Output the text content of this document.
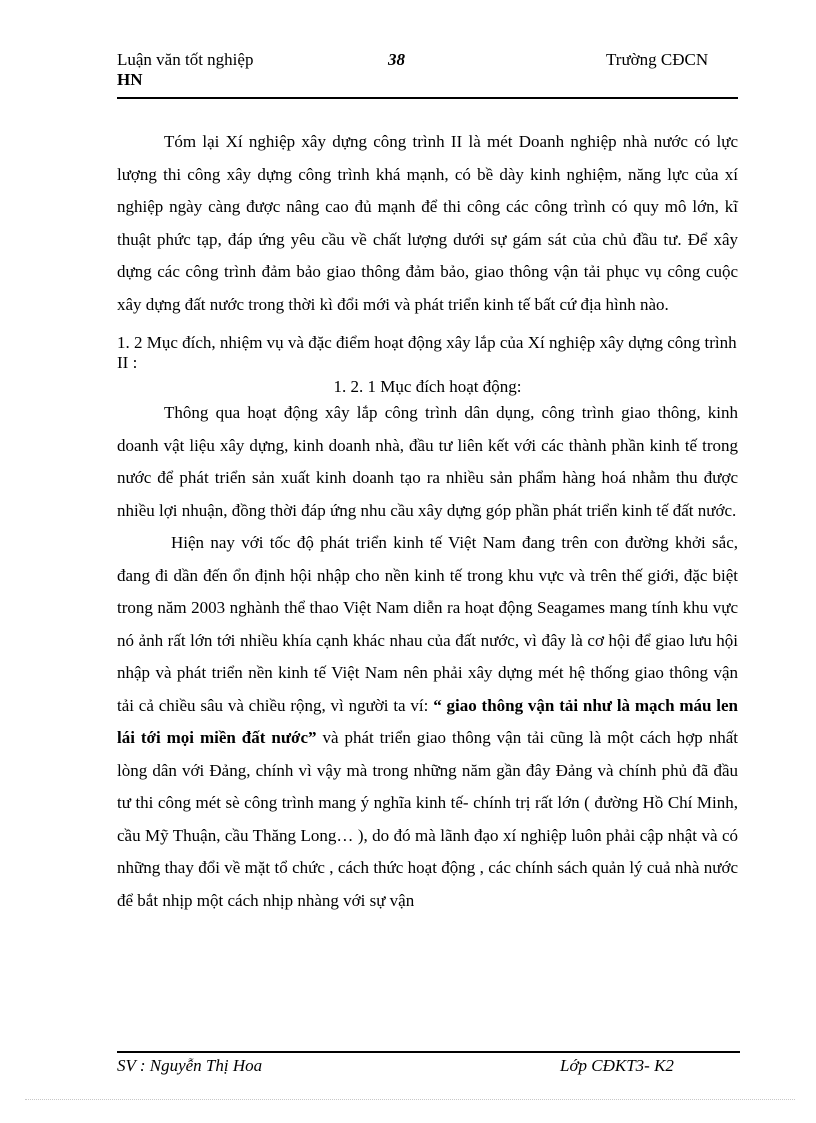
Luận văn tốt nghiệp
HN
38	Trường CĐCN

Tóm lại Xí nghiệp xây dựng công trình II là mét Doanh nghiệp nhà nước có lực lượng thi công xây dựng công trình khá mạnh, có bề dày kinh nghiệm, năng lực của xí nghiệp ngày càng được nâng cao đủ mạnh để thi công các công trình có quy mô lớn, kĩ thuật phức tạp, đáp ứng yêu cầu về chất lượng dưới sự gám sát của chủ đầu tư. Để xây dựng các công trình đảm bảo giao thông đảm bảo, giao thông vận tải phục vụ công cuộc xây dựng đất nước trong thời kì đổi mới và phát triển kinh tế bất cứ địa hình nào.

1. 2 Mục đích, nhiệm vụ và đặc điểm hoạt động xây lắp của Xí nghiệp xây dựng công trình II :

1. 2. 1 Mục đích hoạt động:

Thông qua hoạt động xây lắp công trình dân dụng, công trình giao thông, kinh doanh vật liệu xây dựng, kinh doanh nhà, đầu tư liên kết với các thành phần kinh tế trong nước để phát triển sản xuất kinh doanh tạo ra nhiều sản phẩm hàng hoá nhằm thu được nhiều lợi nhuận, đồng thời đáp ứng nhu cầu xây dựng góp phần phát triển kinh tế đất nước.

Hiện nay với tốc độ phát triển kinh tế Việt Nam đang trên con đường khởi sắc, đang đi dần đến ổn định hội nhập cho nền kinh tế trong khu vực và trên thế giới, đặc biệt trong năm 2003 nghành thể thao Việt Nam diễn ra hoạt động Seagames mang tính khu vực nó ảnh rất lớn tới nhiều khía cạnh khác nhau của đất nước, vì đây là cơ hội để giao lưu hội nhập và phát triển nền kinh tế Việt Nam nên phải xây dựng mét hệ thống giao thông vận tải cả chiều sâu và chiều rộng, vì người ta ví: “ giao thông vận tải như là mạch máu len lái tới mọi miền đất nước” và phát triển giao thông vận tải cũng là một cách hợp nhất lòng dân với Đảng, chính vì vậy mà trong những năm gần đây Đảng và chính phủ đã đầu tư thi công mét sè công trình mang ý nghĩa kinh tế- chính trị rất lớn ( đường Hồ Chí Minh, cầu Mỹ Thuận, cầu Thăng Long… ), do đó mà lãnh đạo xí nghiệp luôn phải cập nhật và có những thay đổi về mặt tổ chức , cách thức hoạt động , các chính sách quản lý cuả nhà nước để bắt nhịp một cách nhịp nhàng với sự vận

SV : Nguyễn Thị Hoa	Lớp CĐKT3- K2
